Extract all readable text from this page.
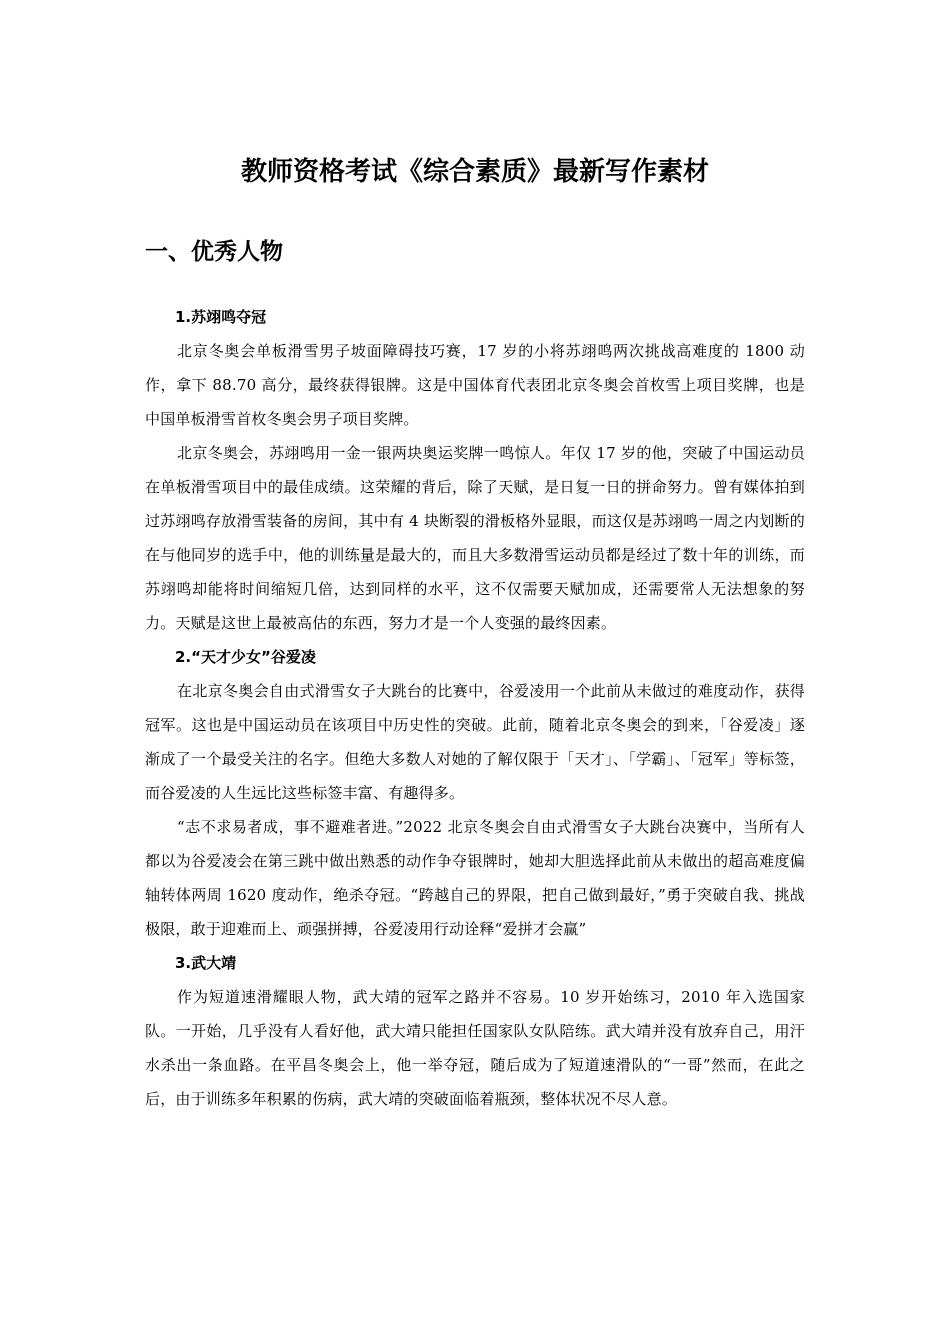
教师资格考试《综合素质》最新写作素材
一、优秀人物
1.苏翊鸣夺冠

北京冬奥会单板滑雪男子坡面障碍技巧赛，17 岁的小将苏翊鸣两次挑战高难度的 1800 动作，拿下 88.70 高分，最终获得银牌。这是中国体育代表团北京冬奥会首枚雪上项目奖牌，也是中国单板滑雪首枚冬奥会男子项目奖牌。

北京冬奥会，苏翊鸣用一金一银两块奥运奖牌一鸣惊人。年仅 17 岁的他，突破了中国运动员在单板滑雪项目中的最佳成绩。这荣耀的背后，除了天赋，是日复一日的拼命努力。曾有媒体拍到过苏翊鸣存放滑雪装备的房间，其中有 4 块断裂的滑板格外显眼，而这仅是苏翊鸣一周之内划断的在与他同岁的选手中，他的训练量是最大的，而且大多数滑雪运动员都是经过了数十年的训练，而苏翊鸣却能将时间缩短几倍，达到同样的水平，这不仅需要天赋加成，还需要常人无法想象的努力。天赋是这世上最被高估的东西，努力才是一个人变强的最终因素。

2.“天才少女”谷爱凌

在北京冬奥会自由式滑雪女子大跳台的比赛中，谷爱凌用一个此前从未做过的难度动作，获得冠军。这也是中国运动员在该项目中历史性的突破。此前，随着北京冬奥会的到来，「谷爱凌」逐渐成了一个最受关注的名字。但绝大多数人对她的了解仅限于「天才」、「学霸」、「冠军」等标签，而谷爱凌的人生远比这些标签丰富、有趣得多。

“志不求易者成，事不避难者进。”2022 北京冬奥会自由式滑雪女子大跳台决赛中，当所有人都以为谷爱凌会在第三跳中做出熟悉的动作争夺银牌时，她却大胆选择此前从未做出的超高难度偏轴转体两周 1620 度动作，绝杀夺冠。“跨越自己的界限，把自己做到最好，”勇于突破自我、挑战极限，敢于迎难而上、顽强拼搏，谷爱凌用行动诠释“爱拼才会赢”

3.武大靖

作为短道速滑耀眼人物，武大靖的冠军之路并不容易。10 岁开始练习，2010 年入选国家队。一开始，几乎没有人看好他，武大靖只能担任国家队女队陪练。武大靖并没有放弃自己，用汗水杀出一条血路。在平昌冬奥会上，他一举夺冠，随后成为了短道速滑队的“一哥”然而，在此之后，由于训练多年积累的伤病，武大靖的突破面临着瓶颈，整体状况不尽人意。
